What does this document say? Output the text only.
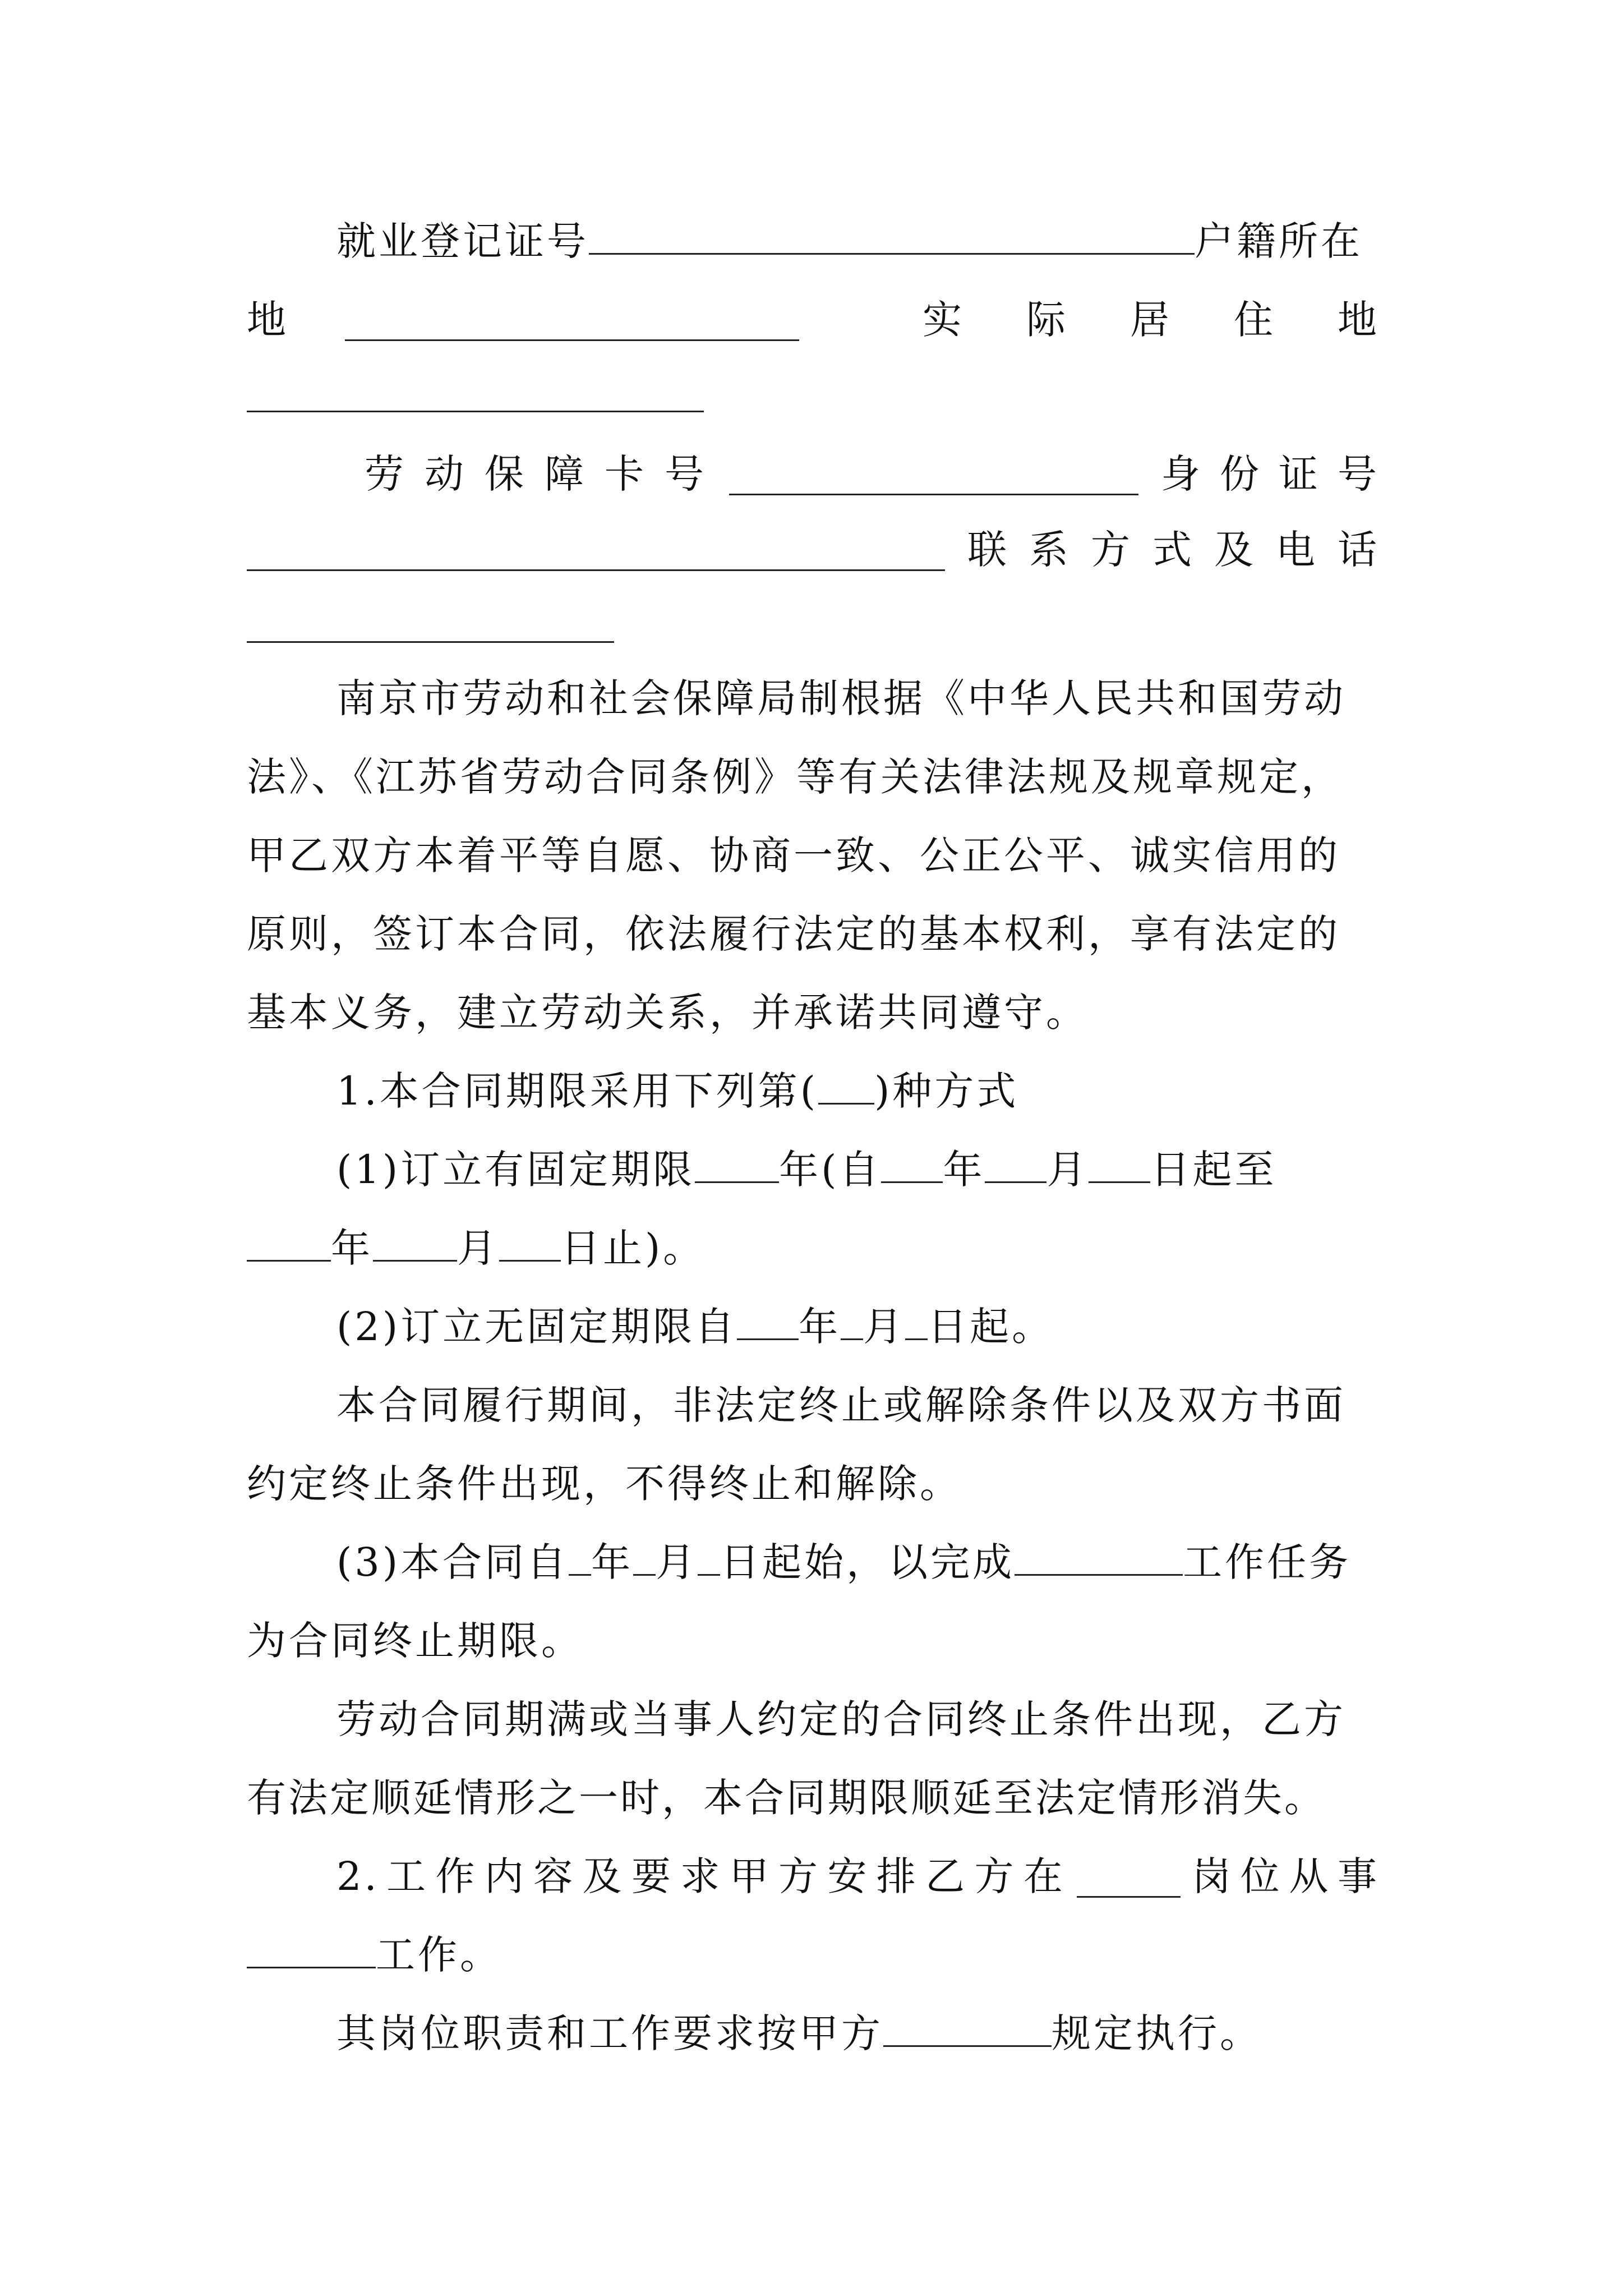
就业登记证号	户籍所在
地	实 际 居 住 地
劳 动 保 障 卡 号	身 份 证 号
联 系 方 式 及 电 话
南京市劳动和社会保障局制根据《中华人民共和国劳动
法》、《江苏省劳动合同条例》等有关法律法规及规章规定，
甲乙双方本着平等自愿、协商一致、公正公平、诚实信用的
原则，签订本合同，依法履行法定的基本权利，享有法定的
基本义务，建立劳动关系，并承诺共同遵守。
1.本合同期限采用下列第( )种方式
(1)订立有固定期限 年(自 年 月 日起至
年 月 日止)。
(2)订立无固定期限自 年 月 日起。
本合同履行期间，非法定终止或解除条件以及双方书面
约定终止条件出现，不得终止和解除。
(3)本合同自 年 月 日起始，以完成	工作任务
为合同终止期限。
劳动合同期满或当事人约定的合同终止条件出现，乙方
有法定顺延情形之一时，本合同期限顺延至法定情形消失。
2. 工 作 内 容 及 要 求 甲 方 安 排 乙 方 在	岗 位 从 事
工作。
其岗位职责和工作要求按甲方	规定执行。
